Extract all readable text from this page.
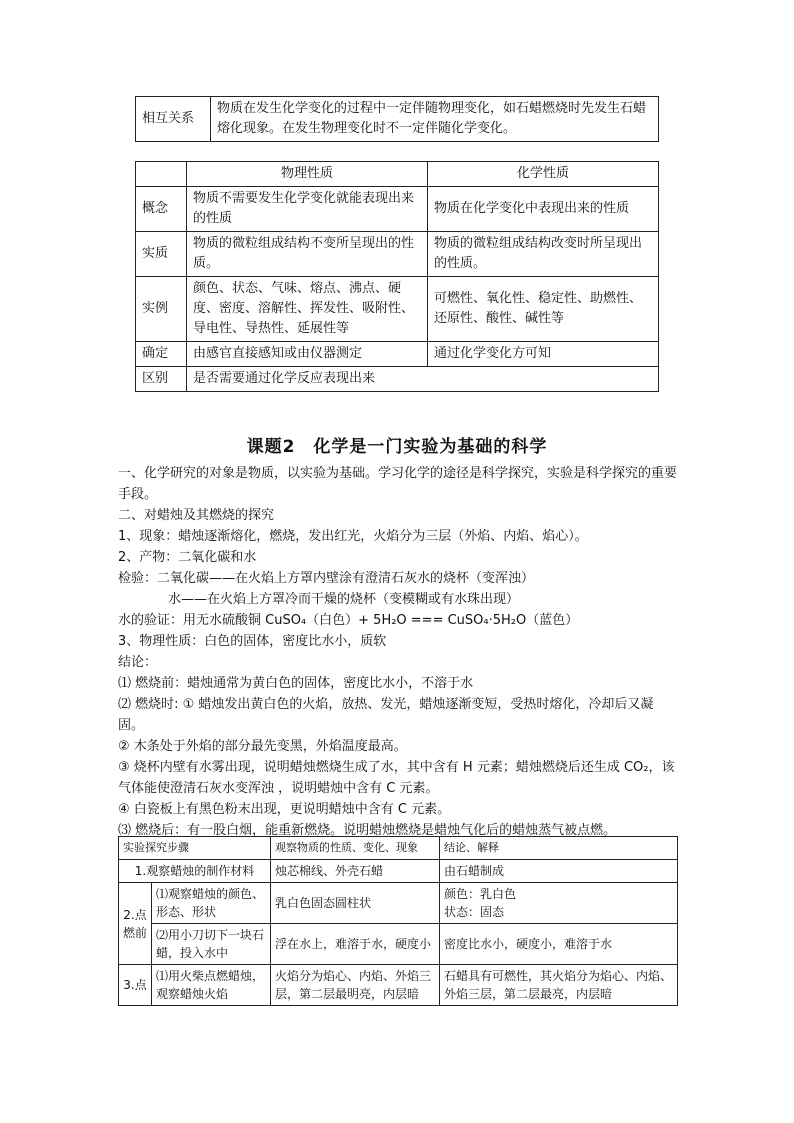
相互关系	物质在发生化学变化的过程中一定伴随物理变化，如石蜡燃烧时先发生石蜡熔化现象。在发生物理变化时不一定伴随化学变化。
	物理性质	化学性质
概念	物质不需要发生化学变化就能表现出来的性质	物质在化学变化中表现出来的性质
实质	物质的微粒组成结构不变所呈现出的性质。	物质的微粒组成结构改变时所呈现出的性质。
实例	颜色、状态、气味、熔点、沸点、硬度、密度、溶解性、挥发性、吸附性、导电性、导热性、延展性等	可燃性、氧化性、稳定性、助燃性、还原性、酸性、碱性等
确定	由感官直接感知或由仪器测定	通过化学变化方可知
区别	是否需要通过化学反应表现出来	
课题2　化学是一门实验为基础的科学

一、化学研究的对象是物质，以实验为基础。学习化学的途径是科学探究，实验是科学探究的重要手段。

二、对蜡烛及其燃烧的探究

1、现象：蜡烛逐渐熔化，燃烧，发出红光，火焰分为三层（外焰、内焰、焰心）。

2、产物：二氧化碳和水

检验：二氧化碳——在火焰上方罩内壁涂有澄清石灰水的烧杯（变浑浊）

水——在火焰上方罩冷而干燥的烧杯（变模糊或有水珠出现）

水的验证：用无水硫酸铜 CuSO₄（白色）+ 5H₂O === CuSO₄·5H₂O（蓝色）

3、物理性质：白色的固体，密度比水小，质软

结论：

⑴ 燃烧前：蜡烛通常为黄白色的固体，密度比水小，不溶于水

⑵ 燃烧时: ① 蜡烛发出黄白色的火焰，放热、发光，蜡烛逐渐变短，受热时熔化，冷却后又凝固。

② 木条处于外焰的部分最先变黑，外焰温度最高。

③ 烧杯内壁有水雾出现，说明蜡烛燃烧生成了水，其中含有 H 元素；蜡烛燃烧后还生成 CO₂，该气体能使澄清石灰水变浑浊 ，说明蜡烛中含有 C 元素。

④ 白瓷板上有黑色粉末出现，更说明蜡烛中含有 C 元素。

⑶ 燃烧后：有一股白烟，能重新燃烧。说明蜡烛燃烧是蜡烛气化后的蜡烛蒸气被点燃。

实验探究步骤		观察物质的性质、变化、现象	结论、解释
1.观察蜡烛的制作材料		烛芯棉线、外壳石蜡	由石蜡制成
2.点燃前	⑴观察蜡烛的颜色、形态、形状	乳白色固态圆柱状	颜色：乳白色
状态：固态

	⑵用小刀切下一块石蜡，投入水中	浮在水上，难溶于水，硬度小	密度比水小，硬度小，难溶于水
3.点	⑴用火柴点燃蜡烛，观察蜡烛火焰	火焰分为焰心、内焰、外焰三层，第二层最明亮，内层暗	石蜡具有可燃性，其火焰分为焰心、内焰、外焰三层，第二层最亮，内层暗
